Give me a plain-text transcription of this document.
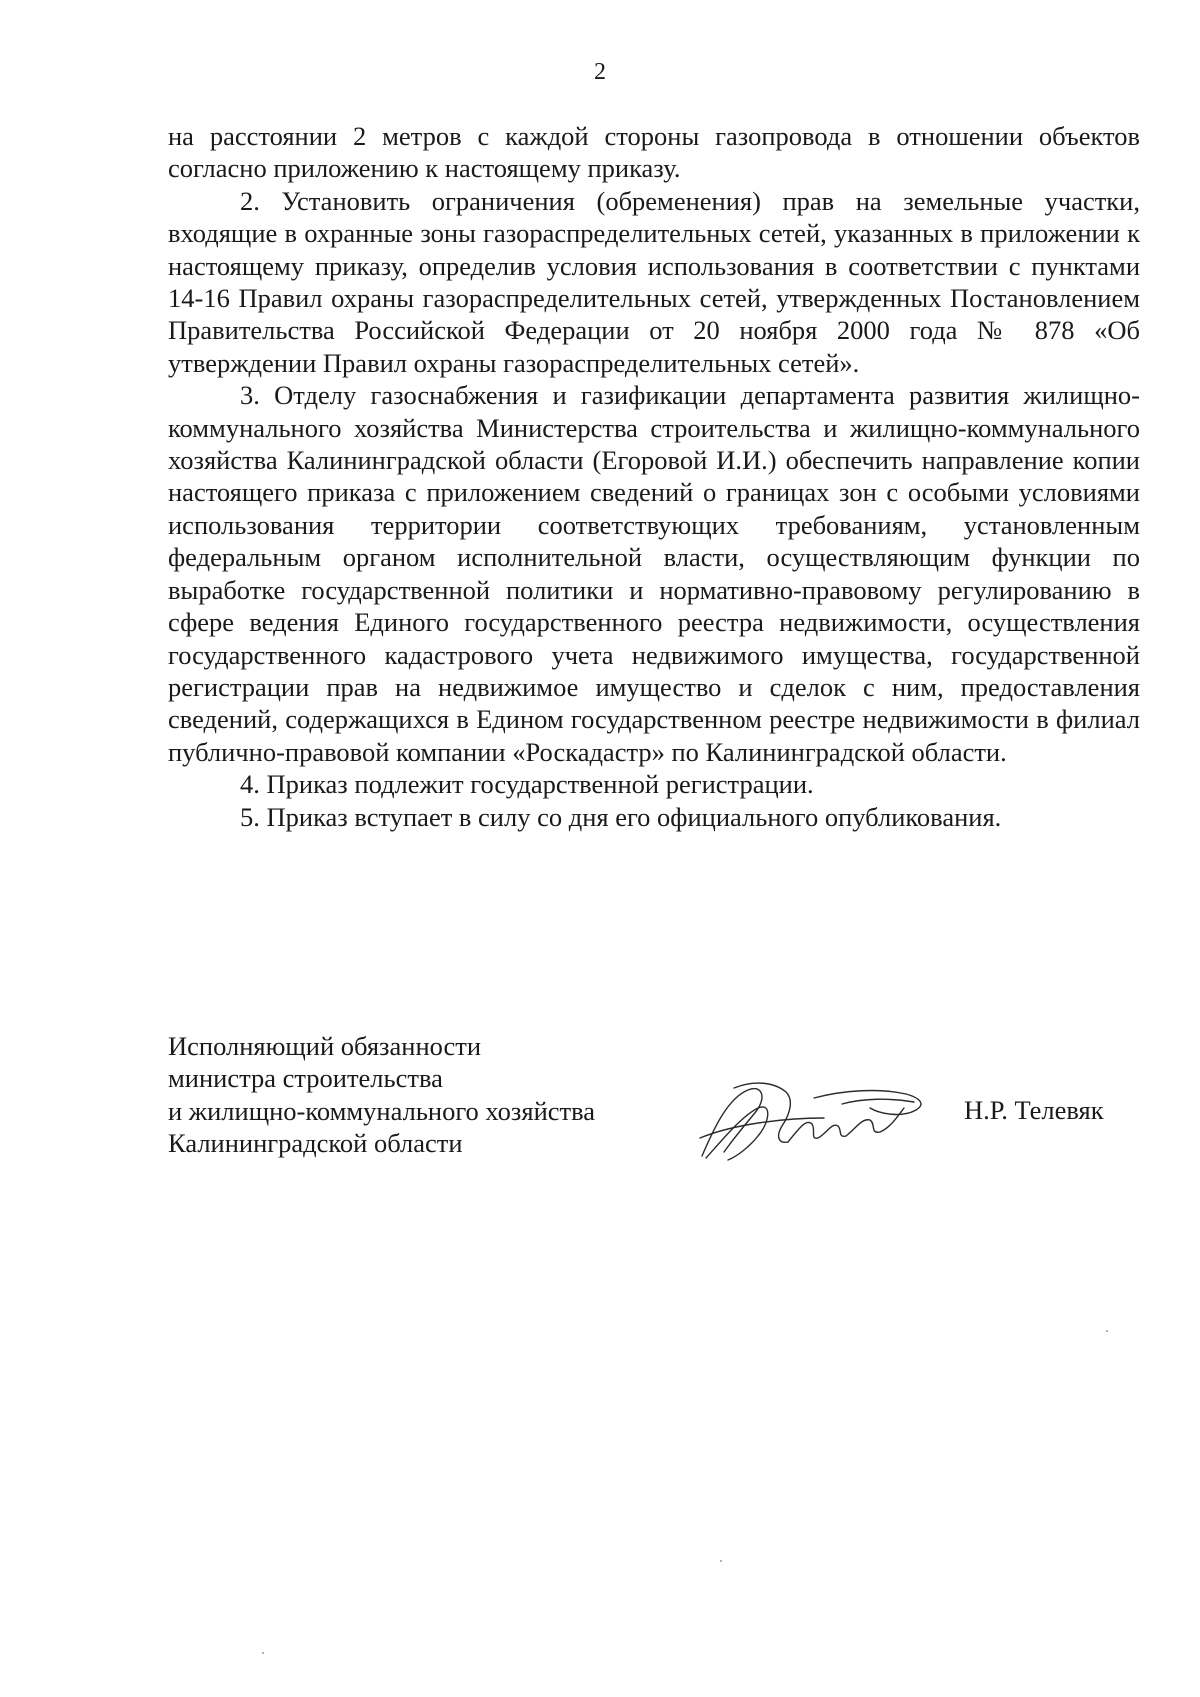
2

на расстоянии 2 метров с каждой стороны газопровода в отношении объектов согласно приложению к настоящему приказу.

2. Установить ограничения (обременения) прав на земельные участки, входящие в охранные зоны газораспределительных сетей, указанных в приложении к настоящему приказу, определив условия использования в соответствии с пунктами 14-16 Правил охраны газораспределительных сетей, утвержденных Постановлением Правительства Российской Федерации от 20 ноября 2000 года № 878 «Об утверждении Правил охраны газораспределительных сетей».

3. Отделу газоснабжения и газификации департамента развития жилищно-коммунального хозяйства Министерства строительства и жилищно-коммунального хозяйства Калининградской области (Егоровой И.И.) обеспечить направление копии настоящего приказа с приложением сведений о границах зон с особыми условиями использования территории соответствующих требованиям, установленным федеральным органом исполнительной власти, осуществляющим функции по выработке государственной политики и нормативно-правовому регулированию в сфере ведения Единого государственного реестра недвижимости, осуществления государственного кадастрового учета недвижимого имущества, государственной регистрации прав на недвижимое имущество и сделок с ним, предоставления сведений, содержащихся в Едином государственном реестре недвижимости в филиал публично-правовой компании «Роскадастр» по Калининградской области.

4. Приказ подлежит государственной регистрации.

5. Приказ вступает в силу со дня его официального опубликования.

Исполняющий обязанности
министра строительства
и жилищно-коммунального хозяйства
Калининградской области
Н.Р. Телевяк
